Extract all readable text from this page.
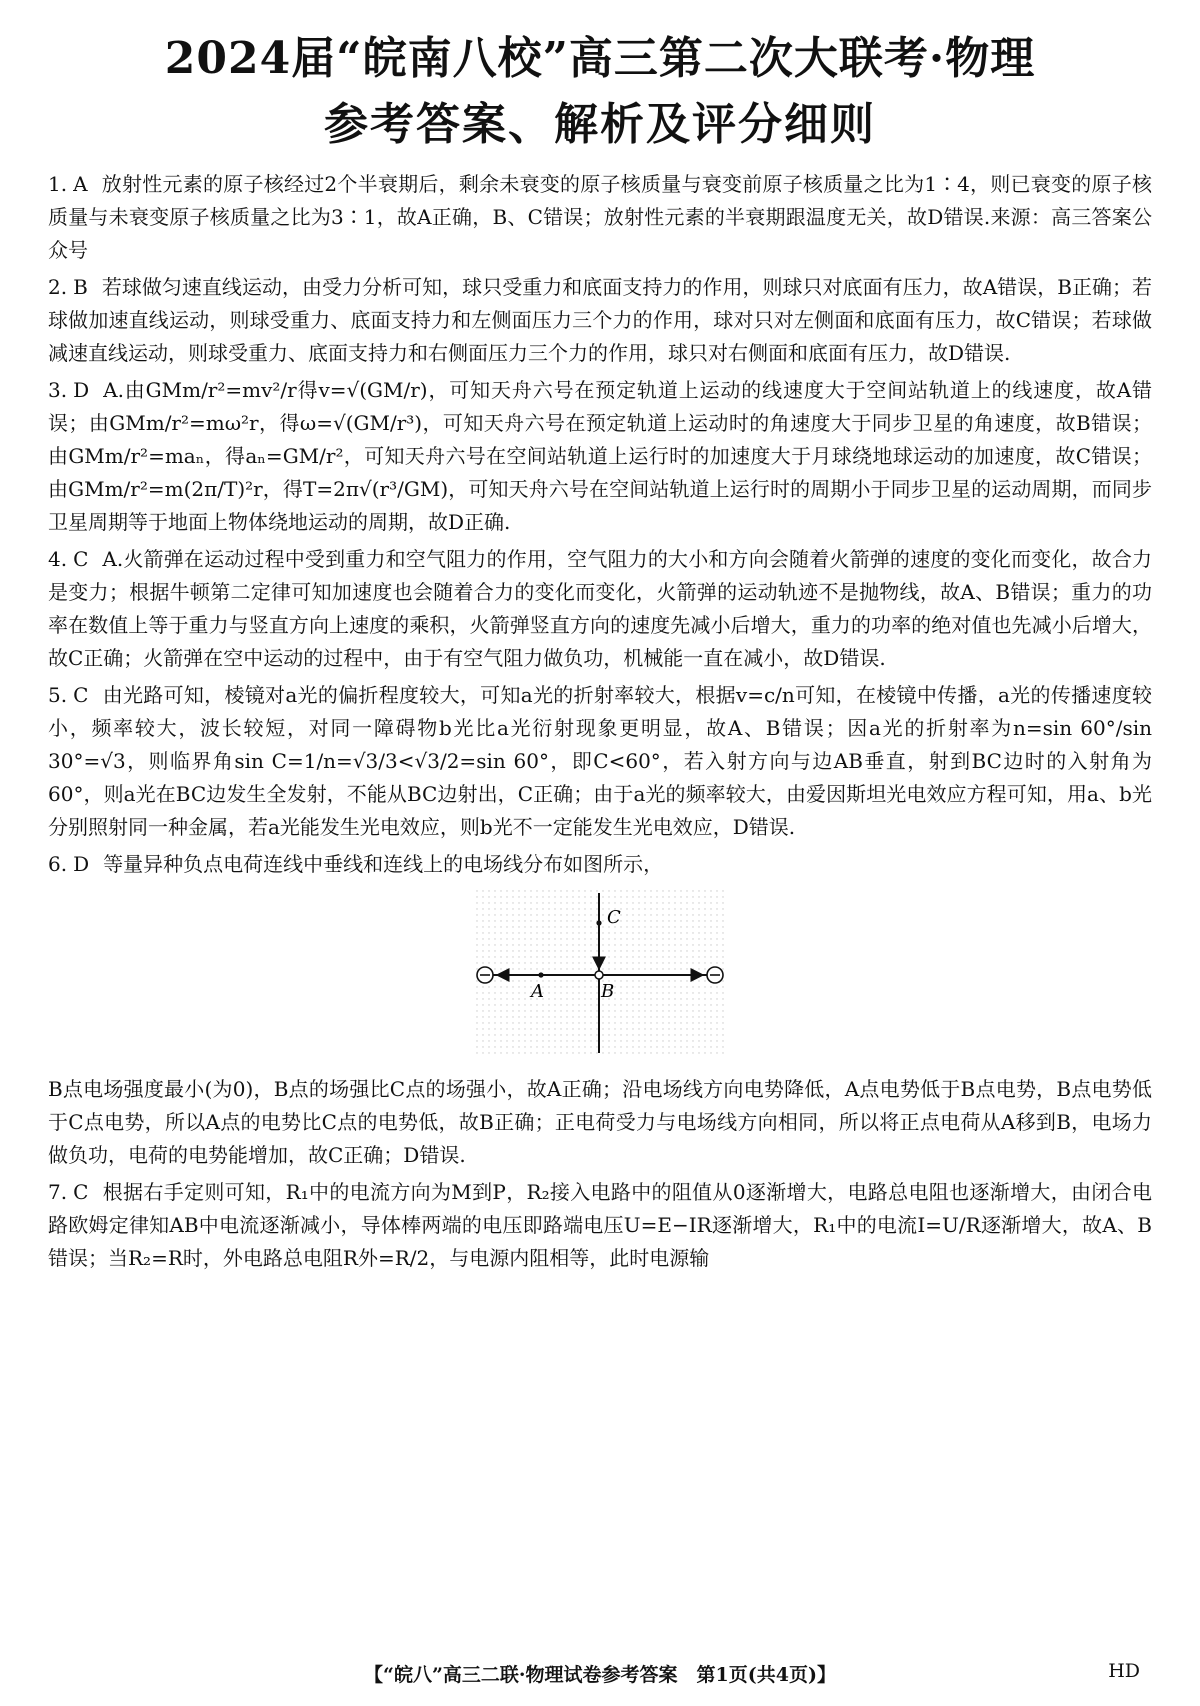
2024届“皖南八校”高三第二次大联考·物理
参考答案、解析及评分细则
1. A 放射性元素的原子核经过2个半衰期后，剩余未衰变的原子核质量与衰变前原子核质量之比为1∶4，则已衰变的原子核质量与未衰变原子核质量之比为3∶1，故A正确，B、C错误；放射性元素的半衰期跟温度无关，故D错误.来源：高三答案公众号
2. B 若球做匀速直线运动，由受力分析可知，球只受重力和底面支持力的作用，则球只对底面有压力，故A错误，B正确；若球做加速直线运动，则球受重力、底面支持力和左侧面压力三个力的作用，球对只对左侧面和底面有压力，故C错误；若球做减速直线运动，则球受重力、底面支持力和右侧面压力三个力的作用，球只对右侧面和底面有压力，故D错误.
3. D A.由GMm/r²=mv²/r得v=√(GM/r)，可知天舟六号在预定轨道上运动的线速度大于空间站轨道上的线速度，故A错误；由GMm/r²=mω²r，得ω=√(GM/r³)，可知天舟六号在预定轨道上运动时的角速度大于同步卫星的角速度，故B错误；由GMm/r²=maₙ，得aₙ=GM/r²，可知天舟六号在空间站轨道上运行时的加速度大于月球绕地球运动的加速度，故C错误；由GMm/r²=m(2π/T)²r，得T=2π√(r³/GM)，可知天舟六号在空间站轨道上运行时的周期小于同步卫星的运动周期，而同步卫星周期等于地面上物体绕地运动的周期，故D正确.
4. C A.火箭弹在运动过程中受到重力和空气阻力的作用，空气阻力的大小和方向会随着火箭弹的速度的变化而变化，故合力是变力；根据牛顿第二定律可知加速度也会随着合力的变化而变化，火箭弹的运动轨迹不是抛物线，故A、B错误；重力的功率在数值上等于重力与竖直方向上速度的乘积，火箭弹竖直方向的速度先减小后增大，重力的功率的绝对值也先减小后增大，故C正确；火箭弹在空中运动的过程中，由于有空气阻力做负功，机械能一直在减小，故D错误.
5. C 由光路可知，棱镜对a光的偏折程度较大，可知a光的折射率较大，根据v=c/n可知，在棱镜中传播，a光的传播速度较小，频率较大，波长较短，对同一障碍物b光比a光衍射现象更明显，故A、B错误；因a光的折射率为n=sin 60°/sin 30°=√3，则临界角sin C=1/n=√3/3<√3/2=sin 60°，即C<60°，若入射方向与边AB垂直，射到BC边时的入射角为60°，则a光在BC边发生全发射，不能从BC边射出，C正确；由于a光的频率较大，由爱因斯坦光电效应方程可知，用a、b光分别照射同一种金属，若a光能发生光电效应，则b光不一定能发生光电效应，D错误.
6. D 等量异种负点电荷连线中垂线和连线上的电场线分布如图所示，
A	B
C
B点电场强度最小(为0)，B点的场强比C点的场强小，故A正确；沿电场线方向电势降低，A点电势低于B点电势，B点电势低于C点电势，所以A点的电势比C点的电势低，故B正确；正电荷受力与电场线方向相同，所以将正点电荷从A移到B，电场力做负功，电荷的电势能增加，故C正确；D错误.
7. C 根据右手定则可知，R₁中的电流方向为M到P，R₂接入电路中的阻值从0逐渐增大，电路总电阻也逐渐增大，由闭合电路欧姆定律知AB中电流逐渐减小，导体棒两端的电压即路端电压U=E−IR逐渐增大，R₁中的电流I=U/R逐渐增大，故A、B错误；当R₂=R时，外电路总电阻R外=R/2，与电源内阻相等，此时电源输
【“皖八”高三二联·物理试卷参考答案　第1页(共4页)】	HD
